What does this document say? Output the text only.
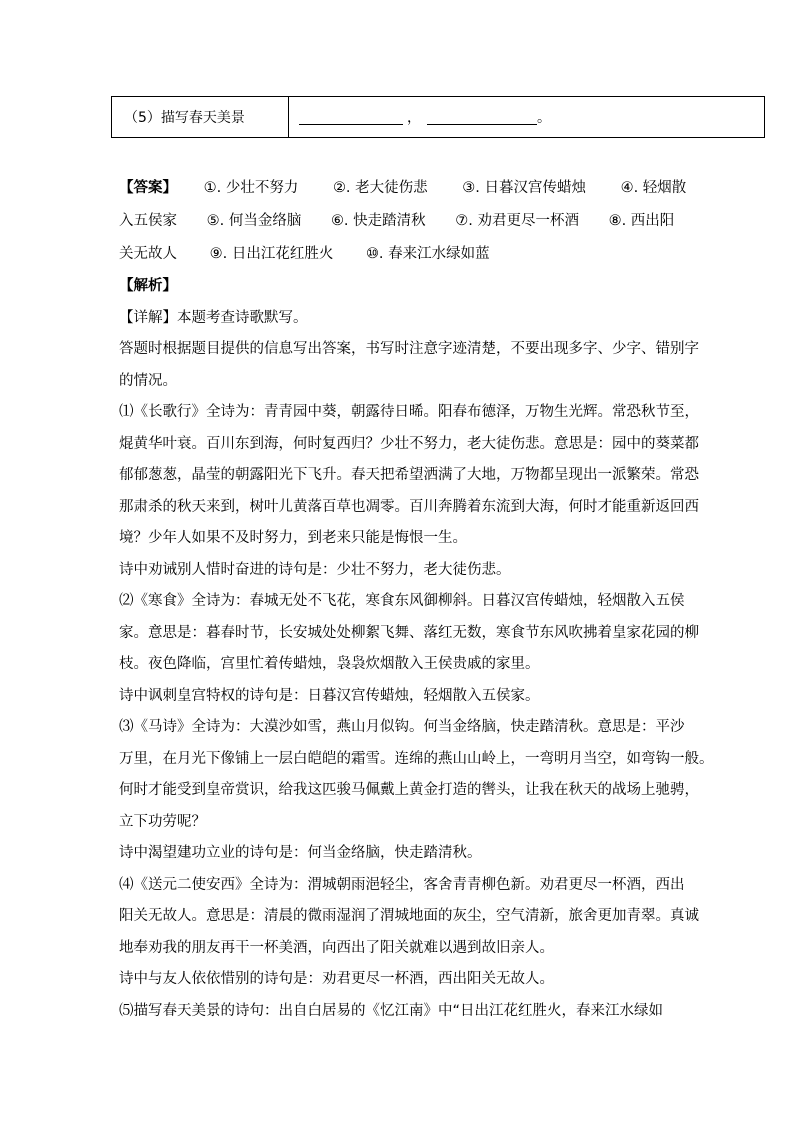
（5）描写春天美景	，	。
【答案】 ①. 少壮不努力 ②. 老大徒伤悲 ③. 日暮汉宫传蜡烛 ④. 轻烟散
入五侯家 ⑤. 何当金络脑 ⑥. 快走踏清秋 ⑦. 劝君更尽一杯酒 ⑧. 西出阳
关无故人 ⑨. 日出江花红胜火 ⑩. 春来江水绿如蓝
【解析】
【详解】本题考查诗歌默写。
答题时根据题目提供的信息写出答案，书写时注意字迹清楚，不要出现多字、少字、错别字
的情况。
⑴《长歌行》全诗为：青青园中葵，朝露待日晞。阳春布德泽，万物生光辉。常恐秋节至，
焜黄华叶衰。百川东到海，何时复西归？少壮不努力，老大徒伤悲。意思是：园中的葵菜都
郁郁葱葱，晶莹的朝露阳光下飞升。春天把希望洒满了大地，万物都呈现出一派繁荣。常恐
那肃杀的秋天来到，树叶儿黄落百草也凋零。百川奔腾着东流到大海，何时才能重新返回西
境？少年人如果不及时努力，到老来只能是悔恨一生。
诗中劝诫别人惜时奋进的诗句是：少壮不努力，老大徒伤悲。
⑵《寒食》全诗为：春城无处不飞花，寒食东风御柳斜。日暮汉宫传蜡烛，轻烟散入五侯
家。意思是：暮春时节，长安城处处柳絮飞舞、落红无数，寒食节东风吹拂着皇家花园的柳
枝。夜色降临，宫里忙着传蜡烛，袅袅炊烟散入王侯贵戚的家里。
诗中讽刺皇宫特权的诗句是：日暮汉宫传蜡烛，轻烟散入五侯家。
⑶《马诗》全诗为：大漠沙如雪，燕山月似钩。何当金络脑，快走踏清秋。意思是：平沙
万里，在月光下像铺上一层白皑皑的霜雪。连绵的燕山山岭上，一弯明月当空，如弯钩一般。
何时才能受到皇帝赏识，给我这匹骏马佩戴上黄金打造的辔头，让我在秋天的战场上驰骋，
立下功劳呢？
诗中渴望建功立业的诗句是：何当金络脑，快走踏清秋。
⑷《送元二使安西》全诗为：渭城朝雨浥轻尘，客舍青青柳色新。劝君更尽一杯酒，西出
阳关无故人。意思是：清晨的微雨湿润了渭城地面的灰尘，空气清新，旅舍更加青翠。真诚
地奉劝我的朋友再干一杯美酒，向西出了阳关就难以遇到故旧亲人。
诗中与友人依依惜别的诗句是：劝君更尽一杯酒，西出阳关无故人。
⑸描写春天美景的诗句：出自白居易的《忆江南》中“日出江花红胜火，春来江水绿如
